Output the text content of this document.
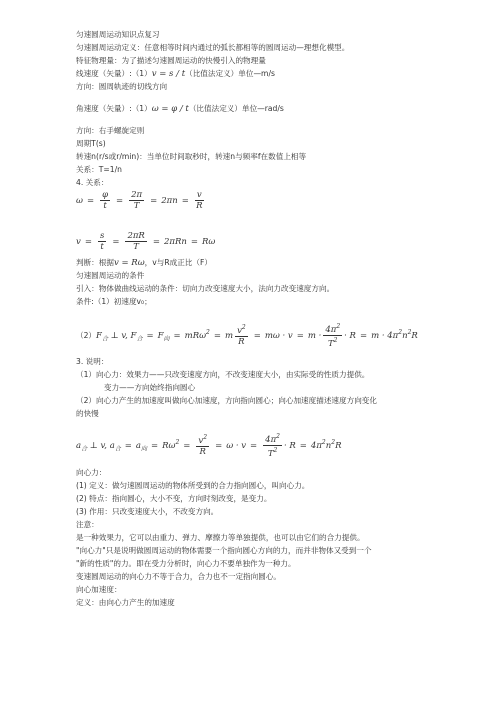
匀速圆周运动知识点复习
匀速圆周运动定义：任意相等时间内通过的弧长都相等的圆周运动—理想化模型。
特征物理量：为了描述匀速圆周运动的快慢引入的物理量
线速度（矢量）:（1）v = s / t（比值法定义）单位—m/s
方向：圆周轨迹的切线方向
角速度（矢量）:（1）ω = φ / t（比值法定义）单位—rad/s
方向：右手螺旋定则
周期T(s)
转速n(r/s或r/min)：当单位时间取秒时，转速n与频率f在数值上相等
关系：T=1/n
4. 关系：
$\omega = \frac{\varphi}{t} = \frac{2\pi}{T} = 2\pi n = \frac{v}{R}$
$v = \frac{s}{t} = \frac{2\pi R}{T} = 2\pi Rn = R\omega$
判断：根据v = Rω，v与R成正比（F）
匀速圆周运动的条件
引入：物体做曲线运动的条件：切向力改变速度大小，法向力改变速度方向。
条件:（1）初速度v₀；
$(2)F_合$ ⊥ v, $F_合 = F_向 = mR\omega^2 = m \frac{v^2}{R} = m\omega \cdot v = m \cdot \frac{4\pi^2}{T^2} \cdot R = m \cdot 4\pi^2n^2R$
3. 说明：
（1）向心力：效果力——只改变速度方向，不改变速度大小，由实际受的性质力提供。
变力——方向始终指向圆心
（2）向心力产生的加速度叫做向心加速度，方向指向圆心；向心加速度描述速度方向变化
的快慢
$a_合$ ⊥ v, $a_合 = a_向 = R\omega^2 = \frac{v^2}{R} = \omega \cdot v = \frac{4\pi^2}{T^2} \cdot R = 4\pi^2n^2R$
向心力：
(1) 定义：做匀速圆周运动的物体所受到的合力指向圆心，叫向心力。
(2) 特点：指向圆心，大小不变，方向时刻改变，是变力。
(3) 作用：只改变速度大小，不改变方向。
注意：
是一种效果力，它可以由重力、弹力、摩擦力等单独提供，也可以由它们的合力提供。
"向心力"只是说明做圆周运动的物体需要一个指向圆心方向的力，而并非物体又受到一个
"新的性质"的力。即在受力分析时，向心力不要单独作为一种力。
变速圆周运动的向心力不等于合力，合力也不一定指向圆心。
向心加速度：
定义：由向心力产生的加速度
